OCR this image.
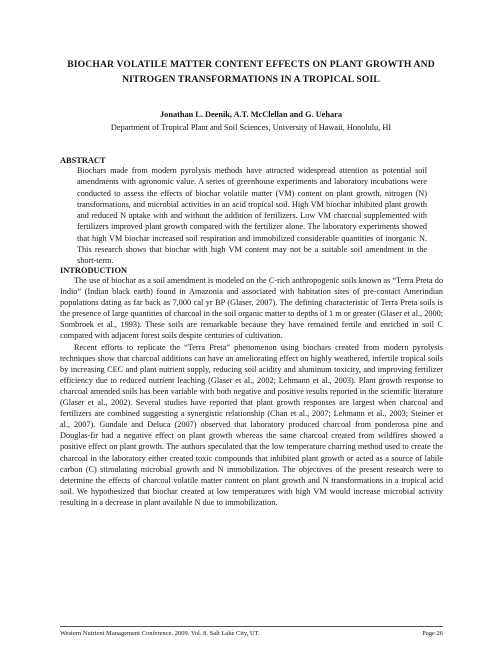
BIOCHAR VOLATILE MATTER CONTENT EFFECTS ON PLANT GROWTH AND NITROGEN TRANSFORMATIONS IN A TROPICAL SOIL
Jonathan L. Deenik, A.T. McClellan and G. Uehara
Department of Tropical Plant and Soil Sciences, University of Hawaii, Honolulu, HI
ABSTRACT

Biochars made from modern pyrolysis methods have attracted widespread attention as potential soil amendments with agronomic value. A series of greenhouse experiments and laboratory incubations were conducted to assess the effects of biochar volatile matter (VM) content on plant growth, nitrogen (N) transformations, and microbial activities in an acid tropical soil. High VM biochar inhibited plant growth and reduced N uptake with and without the addition of fertilizers. Low VM charcoal supplemented with fertilizers improved plant growth compared with the fertilizer alone. The laboratory experiments showed that high VM biochar increased soil respiration and immobilized considerable quantities of inorganic N. This research shows that biochar with high VM content may not be a suitable soil amendment in the short-term.

INTRODUCTION

The use of biochar as a soil amendment is modeled on the C-rich anthropogenic soils known as “Terra Preta do Indio” (Indian black earth) found in Amazonia and associated with habitation sites of pre-contact Amerindian populations dating as far back as 7,000 cal yr BP (Glaser, 2007). The defining characteristic of Terra Preta soils is the presence of large quantities of charcoal in the soil organic matter to depths of 1 m or greater (Glaser et al., 2000; Sombroek et al., 1993). These soils are remarkable because they have remained fertile and enriched in soil C compared with adjacent forest soils despite centuries of cultivation.

Recent efforts to replicate the “Terra Preta” phenomenon using biochars created from modern pyrolysis techniques show that charcoal additions can have an ameliorating effect on highly weathered, infertile tropical soils by increasing CEC and plant nutrient supply, reducing soil acidity and aluminum toxicity, and improving fertilizer efficiency due to reduced nutrient leaching (Glaser et al., 2002; Lehmann et al., 2003). Plant growth response to charcoal amended soils has been variable with both negative and positive results reported in the scientific literature (Glaser et al., 2002). Several studies have reported that plant growth responses are largest when charcoal and fertilizers are combined suggesting a synergistic relationship (Chan et al., 2007; Lehmann et al., 2003; Steiner et al., 2007). Gundale and Deluca (2007) observed that laboratory produced charcoal from ponderosa pine and Douglas-fir had a negative effect on plant growth whereas the same charcoal created from wildfires showed a positive effect on plant growth. The authors speculated that the low temperature charring method used to create the charcoal in the laboratory either created toxic compounds that inhibited plant growth or acted as a source of labile carbon (C) stimulating microbial growth and N immobilization. The objectives of the present research were to determine the effects of charcoal volatile matter content on plant growth and N transformations in a tropical acid soil. We hypothesized that biochar created at low temperatures with high VM would increase microbial activity resulting in a decrease in plant available N due to immobilization.

Western Nutrient Management Conference. 2009. Vol. 8. Salt Lake City, UT.	Page 26
